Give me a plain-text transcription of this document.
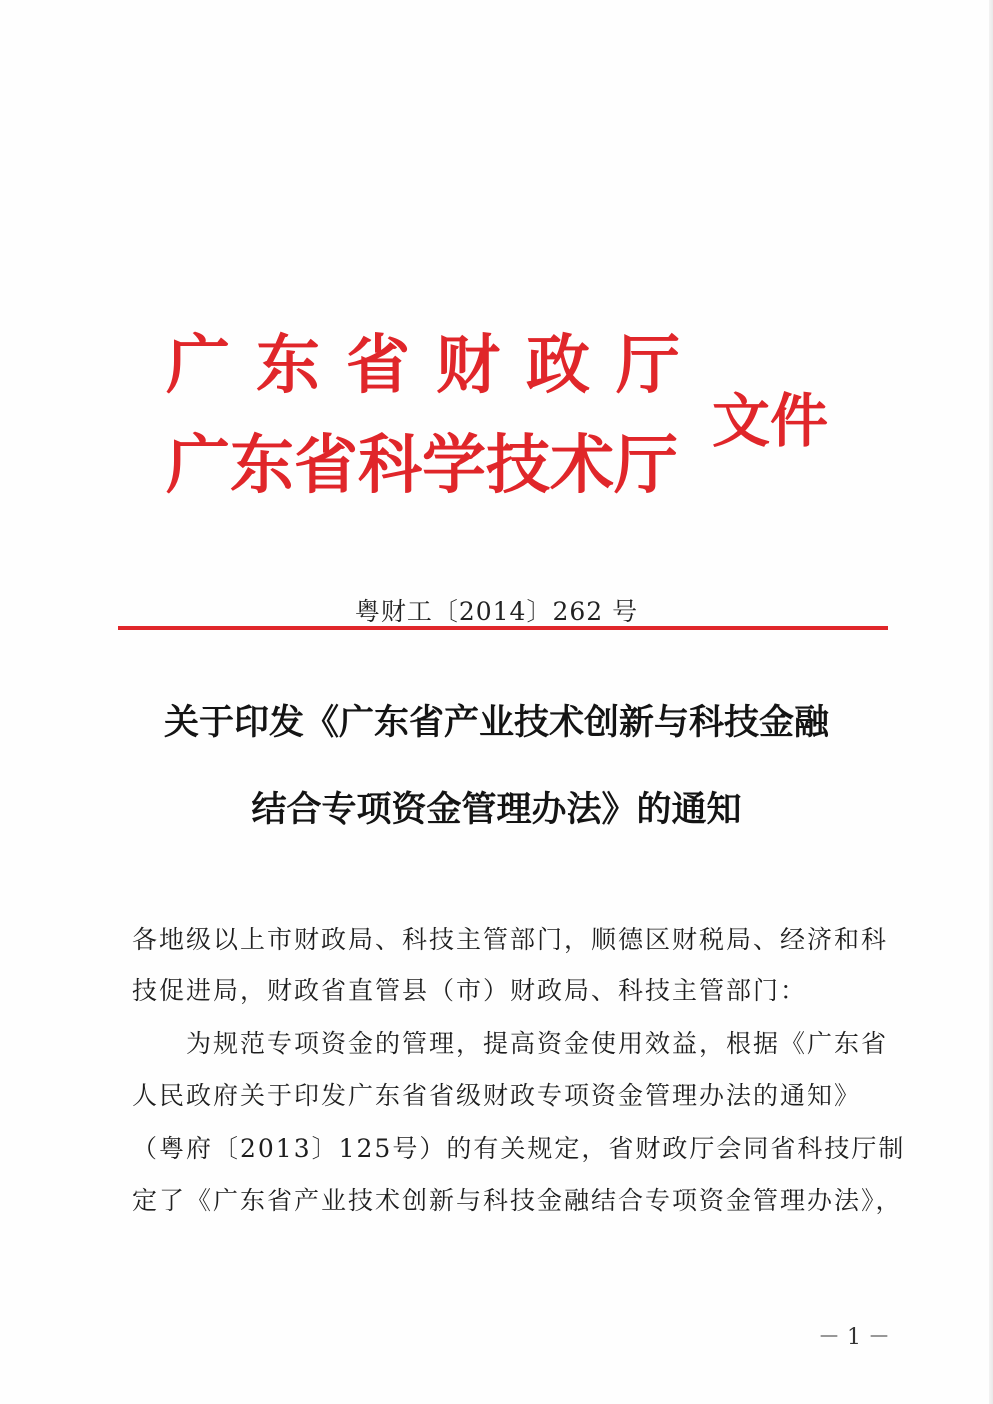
广东省财政厅
广东省科学技术厅
文件
粤财工〔2014〕262 号
关于印发《广东省产业技术创新与科技金融
结合专项资金管理办法》的通知
各地级以上市财政局、科技主管部门，顺德区财税局、经济和科
技促进局，财政省直管县（市）财政局、科技主管部门：
为规范专项资金的管理，提高资金使用效益，根据《广东省
人民政府关于印发广东省省级财政专项资金管理办法的通知》
（粤府〔2013〕125号）的有关规定，省财政厅会同省科技厅制
定了《广东省产业技术创新与科技金融结合专项资金管理办法》，
－ 1 －
